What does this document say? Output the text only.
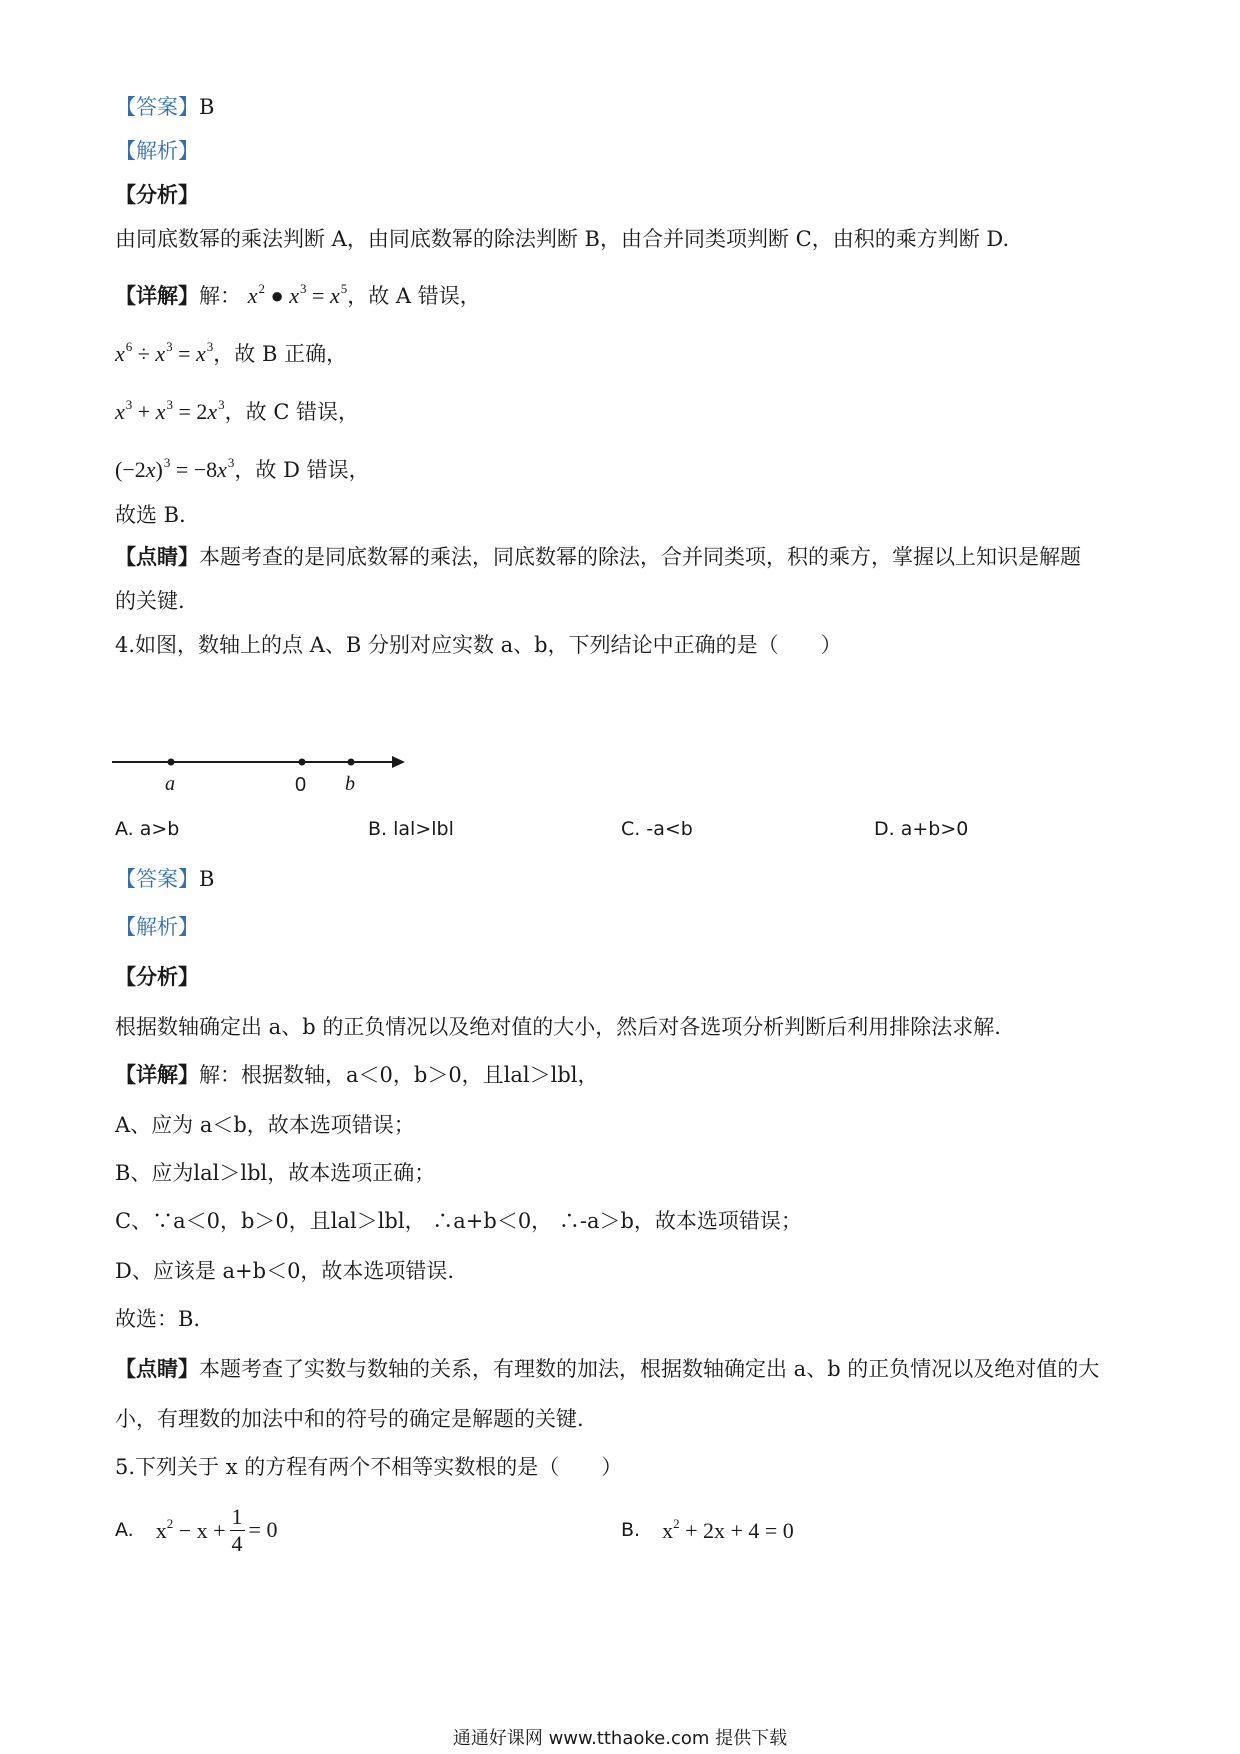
【答案】B
【解析】
【分析】
由同底数幂的乘法判断 A，由同底数幂的除法判断 B，由合并同类项判断 C，由积的乘方判断 D.
【详解】解： $x^2$ ● $x^3 = x^5$，故 A 错误，
$x^6 \div x^3 = x^3$，故 B 正确，
$x^3 + x^3 = 2x^3$，故 C 错误，
$(-2x)^3 = -8x^3$，故 D 错误，
故选 B．
【点睛】本题考查的是同底数幂的乘法，同底数幂的除法，合并同类项，积的乘方，掌握以上知识是解题
的关键.
4.如图，数轴上的点 A、B 分别对应实数 a、b，下列结论中正确的是（　　）
a	0 b
A. a>b	B. lal>lbl	C. -a<b	D. a+b>0
【答案】B
【解析】
【分析】
根据数轴确定出 a、b 的正负情况以及绝对值的大小，然后对各选项分析判断后利用排除法求解.
【详解】解：根据数轴，a＜0，b＞0，且lal＞lbl，
A、应为 a＜b，故本选项错误；
B、应为lal＞lbl，故本选项正确；
C、∵a＜0，b＞0，且lal＞lbl， ∴a+b＜0， ∴-a＞b，故本选项错误；
D、应该是 a+b＜0，故本选项错误.
故选：B.
【点睛】本题考查了实数与数轴的关系，有理数的加法，根据数轴确定出 a、b 的正负情况以及绝对值的大
小，有理数的加法中和的符号的确定是解题的关键.
5.下列关于 x 的方程有两个不相等实数根的是（　　）
A. $x^2 - x + \frac{1}{4} = 0$	B. $x^2 + 2x + 4 = 0$
通通好课网 www.tthaoke.com 提供下载
